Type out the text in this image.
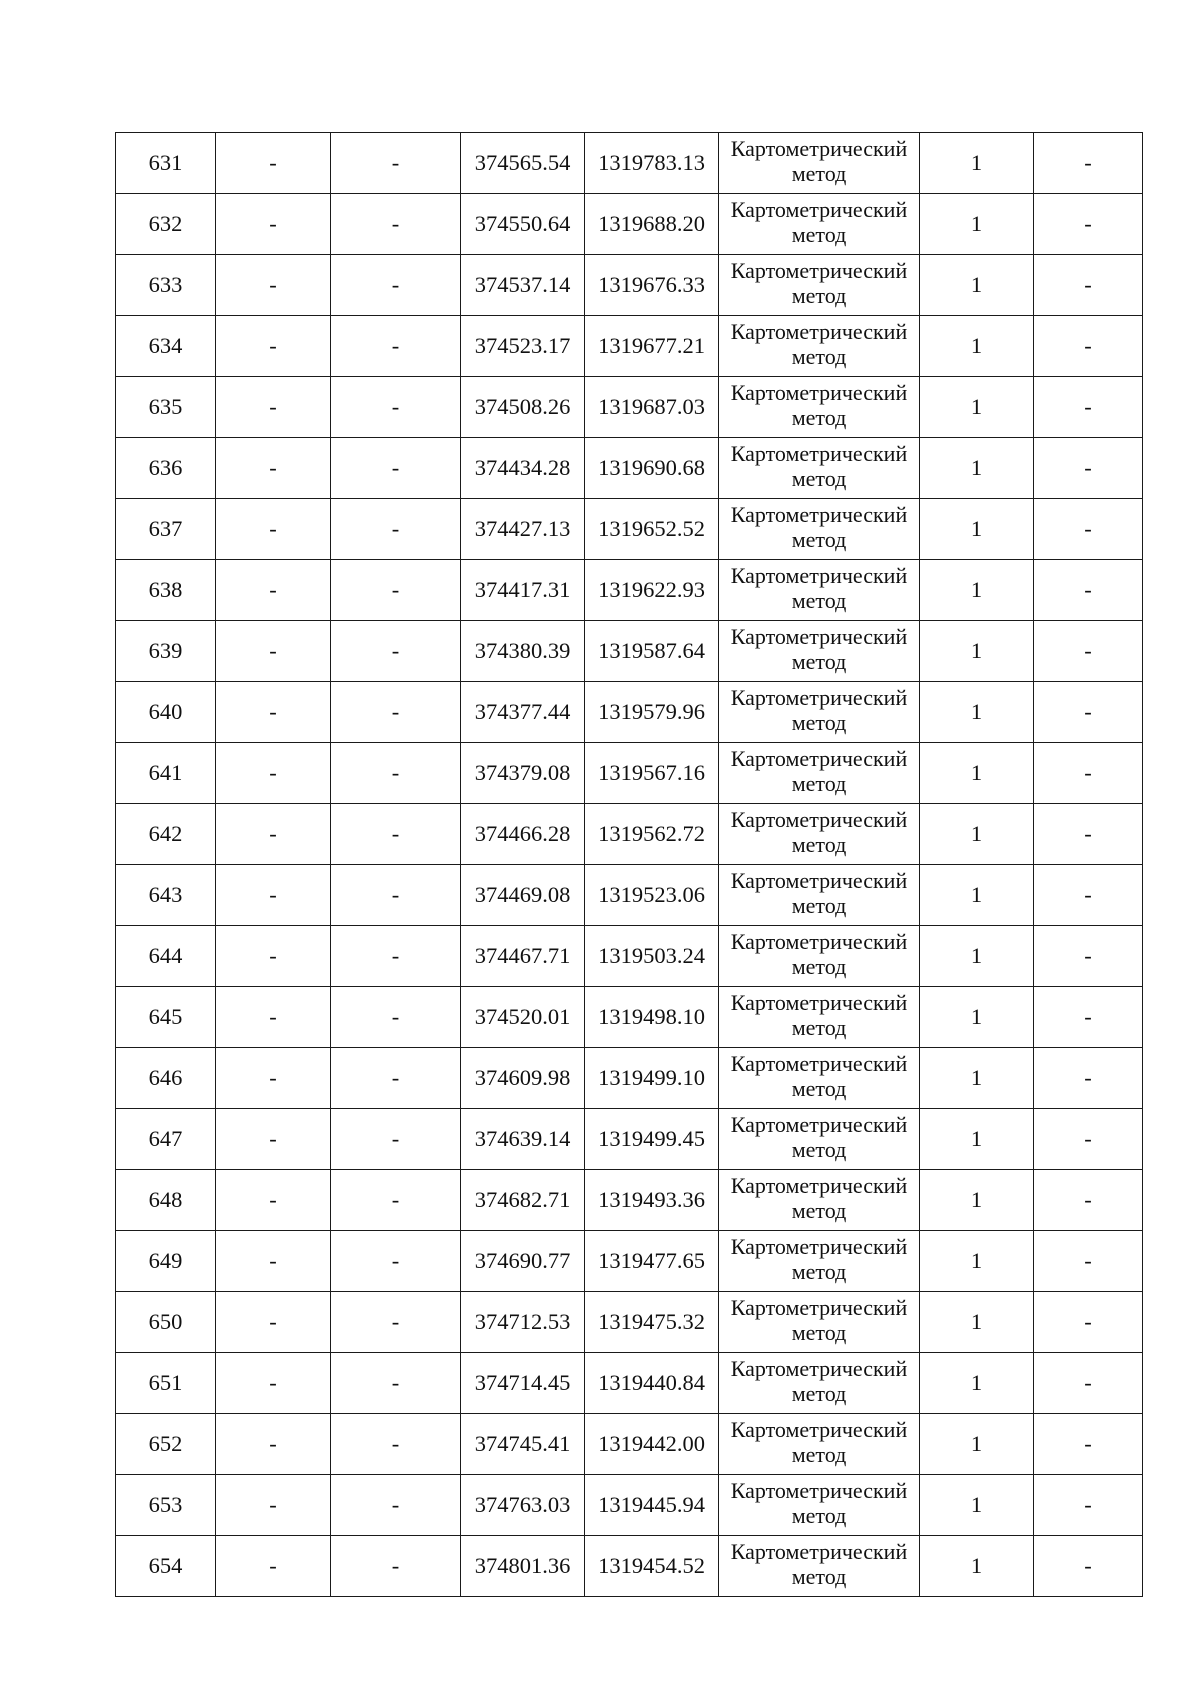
631	-	-	374565.54	1319783.13	Картометрический
метод	1	-
632	-	-	374550.64	1319688.20	Картометрический
метод	1	-
633	-	-	374537.14	1319676.33	Картометрический
метод	1	-
634	-	-	374523.17	1319677.21	Картометрический
метод	1	-
635	-	-	374508.26	1319687.03	Картометрический
метод	1	-
636	-	-	374434.28	1319690.68	Картометрический
метод	1	-
637	-	-	374427.13	1319652.52	Картометрический
метод	1	-
638	-	-	374417.31	1319622.93	Картометрический
метод	1	-
639	-	-	374380.39	1319587.64	Картометрический
метод	1	-
640	-	-	374377.44	1319579.96	Картометрический
метод	1	-
641	-	-	374379.08	1319567.16	Картометрический
метод	1	-
642	-	-	374466.28	1319562.72	Картометрический
метод	1	-
643	-	-	374469.08	1319523.06	Картометрический
метод	1	-
644	-	-	374467.71	1319503.24	Картометрический
метод	1	-
645	-	-	374520.01	1319498.10	Картометрический
метод	1	-
646	-	-	374609.98	1319499.10	Картометрический
метод	1	-
647	-	-	374639.14	1319499.45	Картометрический
метод	1	-
648	-	-	374682.71	1319493.36	Картометрический
метод	1	-
649	-	-	374690.77	1319477.65	Картометрический
метод	1	-
650	-	-	374712.53	1319475.32	Картометрический
метод	1	-
651	-	-	374714.45	1319440.84	Картометрический
метод	1	-
652	-	-	374745.41	1319442.00	Картометрический
метод	1	-
653	-	-	374763.03	1319445.94	Картометрический
метод	1	-
654	-	-	374801.36	1319454.52	Картометрический
метод	1	-
